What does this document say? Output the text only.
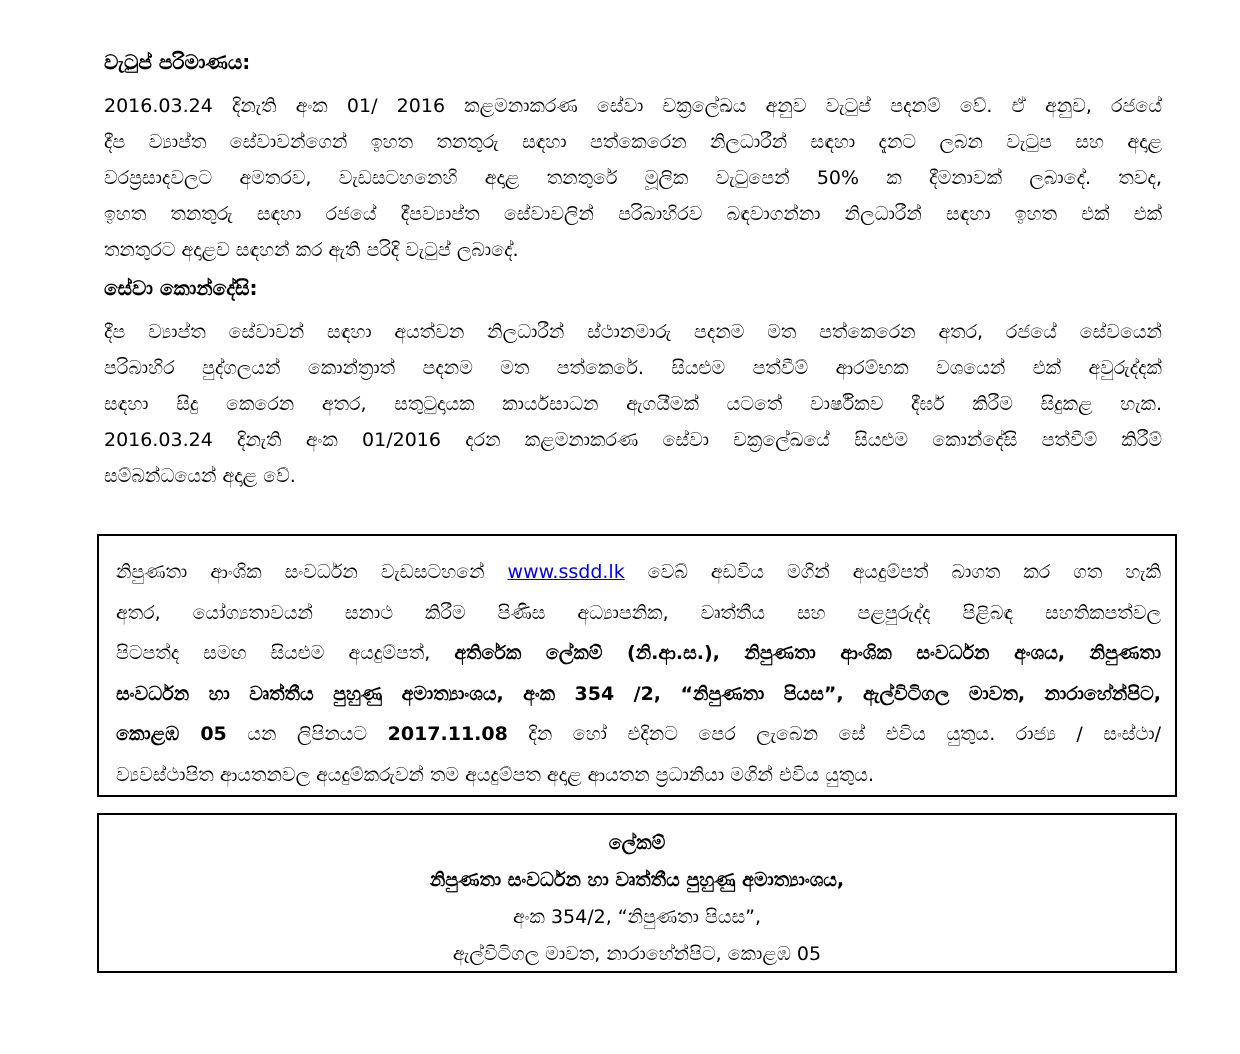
වැටුප් පරිමාණය:
2016.03.24 දිනැති අංක 01/ 2016 කළමනාකරණ සේවා චක්‍රලේඛය අනුව වැටුප් පදනම් වේ. ඒ අනුව, රජයේ
දීප ව්‍යාප්ත සේවාවන්ගෙන් ඉහත තනතුරු සඳහා පත්කෙරෙන නිලධාරීන් සඳහා දැනට ලබන වැටුප සහ අදාළ
වරප්‍රසාදවලට අමතරව, වැඩසටහනෙහි අදාළ තනතුරේ මූලික වැටුපෙන් 50% ක දීමනාවක් ලබාදේ. තවද,
ඉහත තනතුරු සඳහා රජයේ දීපව්‍යාප්ත සේවාවලින් පරිබාහිරව බඳවාගන්නා නිලධාරීන් සඳහා ඉහත එක් එක්
තනතුරට අදාළව සඳහන් කර ඇති පරිදි වැටුප් ලබාදේ.
සේවා කොන්දේසි:
දීප ව්‍යාප්ත සේවාවන් සඳහා අයත්වන නිලධාරීන් ස්ථානමාරු පදනම මත පත්කෙරෙන අතර, රජයේ සේවයෙන්
පරිබාහිර පුද්ගලයන් කොන්ත්‍රාත් පදනම මත පත්කෙරේ. සියළුම පත්වීම් ආරම්භක වශයෙන් එක් අවුරුද්දක්
සඳහා සිදු කෙරෙන අතර, සතුටුදායක කාර්යසාධන ඇගයීමක් යටතේ වාර්ෂිකව දීර්ඝ කිරීම සිදුකළ හැක.
2016.03.24 දිනැති අංක 01/2016 දරන කළමනාකරණ සේවා චක්‍රලේඛයේ සියළුම කොන්දේසි පත්වීම් කිරීම්
සම්බන්ධයෙන් අදාළ වේ.
නිපුණතා ආංශික සංවර්ධන වැඩසටහනේ www.ssdd.lk වෙබ් අඩවිය මගින් අයදුම්පත් බාගත කර ගත හැකි
අතර, යෝග්‍යතාවයන් සනාථ කිරීම පිණිස අධ්‍යාපනික, වෘත්තීය සහ පළපුරුද්ද පිළිබඳ සහතිකපත්වල
පිටපත්ද සමඟ සියළුම අයදුම්පත්, අතිරේක ලේකම් (නි.ආ.ස.), නිපුණතා ආංශික සංවර්ධන අංශය, නිපුණතා
සංවර්ධන හා වෘත්තීය පුහුණු අමාත්‍යාංශය, අංක 354 /2, “නිපුණතා පියස”, ඇල්විටිගල මාවත, නාරාහේන්පිට,
කොළඹ 05 යන ලිපිනයට 2017.11.08 දින හෝ එදිනට පෙර ලැබෙන සේ එවිය යුතුය. රාජ්‍ය / සංස්ථා/
ව්‍යවස්ථාපිත ආයතනවල අයදුම්කරුවන් තම අයදුම්පත අදාළ ආයතන ප්‍රධානියා මගින් එවිය යුතුය.
ලේකම්
නිපුණතා සංවර්ධන හා වෘත්තීය පුහුණු අමාත්‍යාංශය,
අංක 354/2, “නිපුණතා පියස”,
ඇල්විටිගල මාවත, නාරාහේන්පිට, කොළඹ 05
